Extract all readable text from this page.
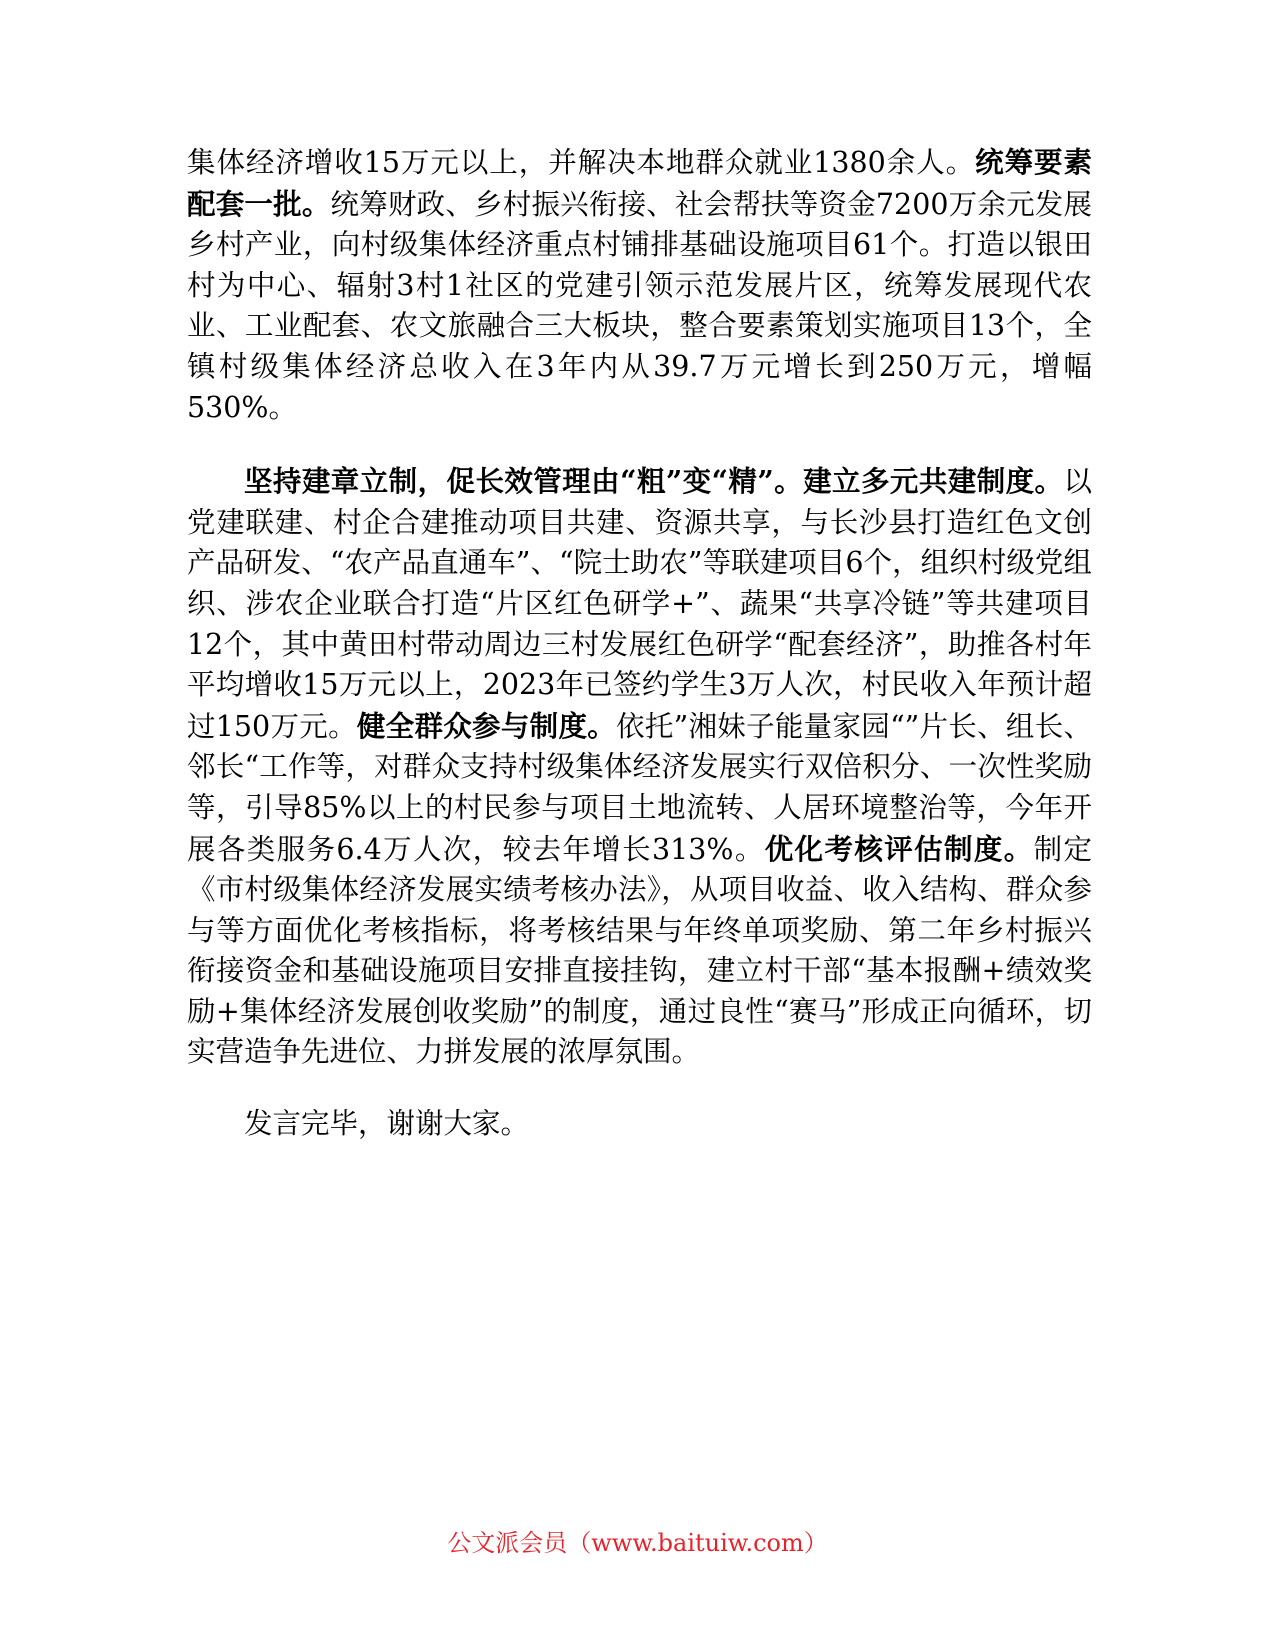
集体经济增收15万元以上，并解决本地群众就业1380余人。统筹要素配套一批。统筹财政、乡村振兴衔接、社会帮扶等资金7200万余元发展乡村产业，向村级集体经济重点村铺排基础设施项目61个。打造以银田村为中心、辐射3村1社区的党建引领示范发展片区，统筹发展现代农业、工业配套、农文旅融合三大板块，整合要素策划实施项目13个，全镇村级集体经济总收入在3年内从39.7万元增长到250万元，增幅530%。

坚持建章立制，促长效管理由“粗”变“精”。建立多元共建制度。以党建联建、村企合建推动项目共建、资源共享，与长沙县打造红色文创产品研发、“农产品直通车”、“院士助农”等联建项目6个，组织村级党组织、涉农企业联合打造“片区红色研学+”、蔬果“共享冷链”等共建项目12个，其中黄田村带动周边三村发展红色研学“配套经济”，助推各村年平均增收15万元以上，2023年已签约学生3万人次，村民收入年预计超过150万元。健全群众参与制度。依托”湘妹子能量家园“”片长、组长、邻长“工作等，对群众支持村级集体经济发展实行双倍积分、一次性奖励等，引导85%以上的村民参与项目土地流转、人居环境整治等，今年开展各类服务6.4万人次，较去年增长313%。优化考核评估制度。制定《市村级集体经济发展实绩考核办法》，从项目收益、收入结构、群众参与等方面优化考核指标，将考核结果与年终单项奖励、第二年乡村振兴衔接资金和基础设施项目安排直接挂钩，建立村干部“基本报酬+绩效奖励+集体经济发展创收奖励”的制度，通过良性“赛马”形成正向循环，切实营造争先进位、力拼发展的浓厚氛围。

发言完毕，谢谢大家。

公文派会员（www.baituiw.com）
